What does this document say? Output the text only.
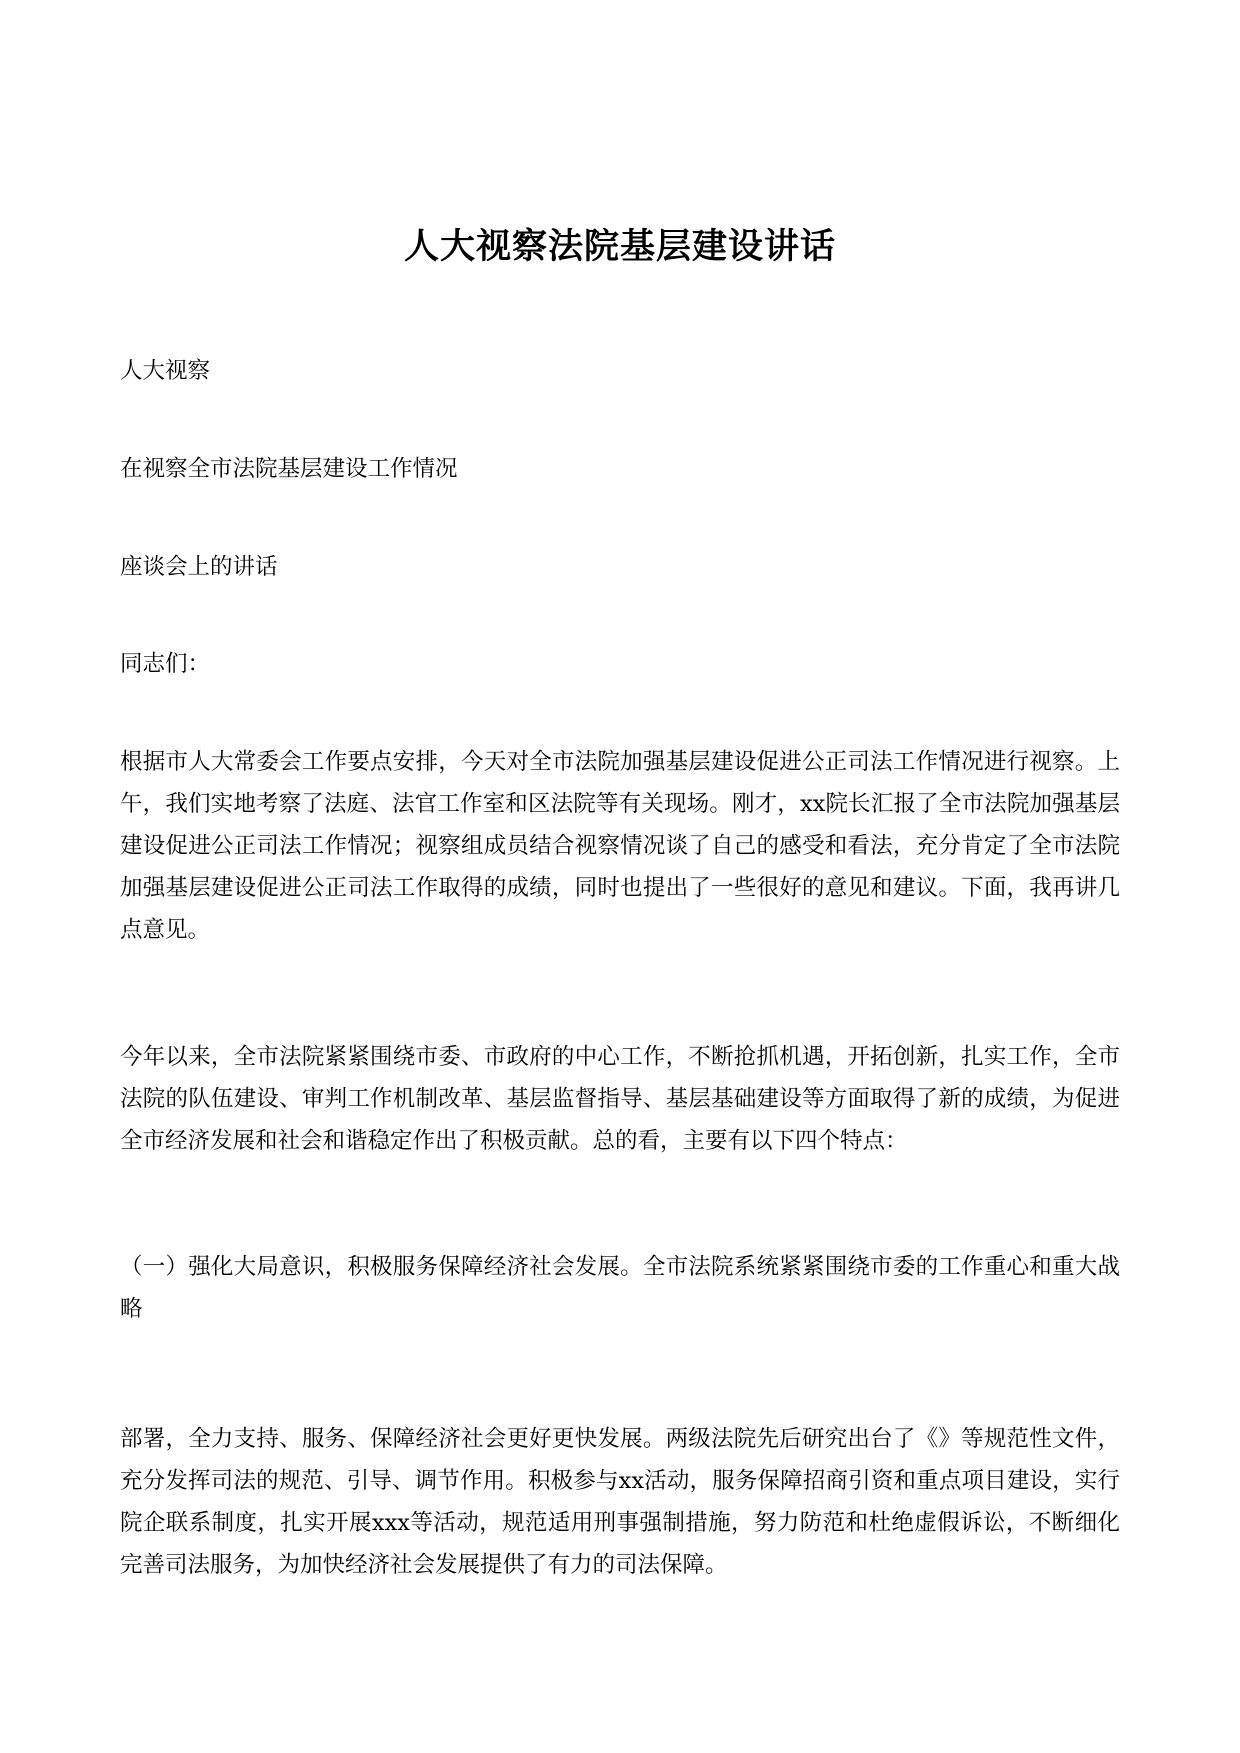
人大视察法院基层建设讲话

人大视察

在视察全市法院基层建设工作情况

座谈会上的讲话

同志们：

根据市人大常委会工作要点安排，今天对全市法院加强基层建设促进公正司法工作情况进行视察。上午，我们实地考察了法庭、法官工作室和区法院等有关现场。刚才，xx院长汇报了全市法院加强基层建设促进公正司法工作情况；视察组成员结合视察情况谈了自己的感受和看法，充分肯定了全市法院加强基层建设促进公正司法工作取得的成绩，同时也提出了一些很好的意见和建议。下面，我再讲几点意见。

今年以来，全市法院紧紧围绕市委、市政府的中心工作，不断抢抓机遇，开拓创新，扎实工作，全市法院的队伍建设、审判工作机制改革、基层监督指导、基层基础建设等方面取得了新的成绩，为促进全市经济发展和社会和谐稳定作出了积极贡献。总的看，主要有以下四个特点：

（一）强化大局意识，积极服务保障经济社会发展。全市法院系统紧紧围绕市委的工作重心和重大战略

部署，全力支持、服务、保障经济社会更好更快发展。两级法院先后研究出台了《》等规范性文件，充分发挥司法的规范、引导、调节作用。积极参与xx活动，服务保障招商引资和重点项目建设，实行院企联系制度，扎实开展xxx等活动，规范适用刑事强制措施，努力防范和杜绝虚假诉讼，不断细化完善司法服务，为加快经济社会发展提供了有力的司法保障。
